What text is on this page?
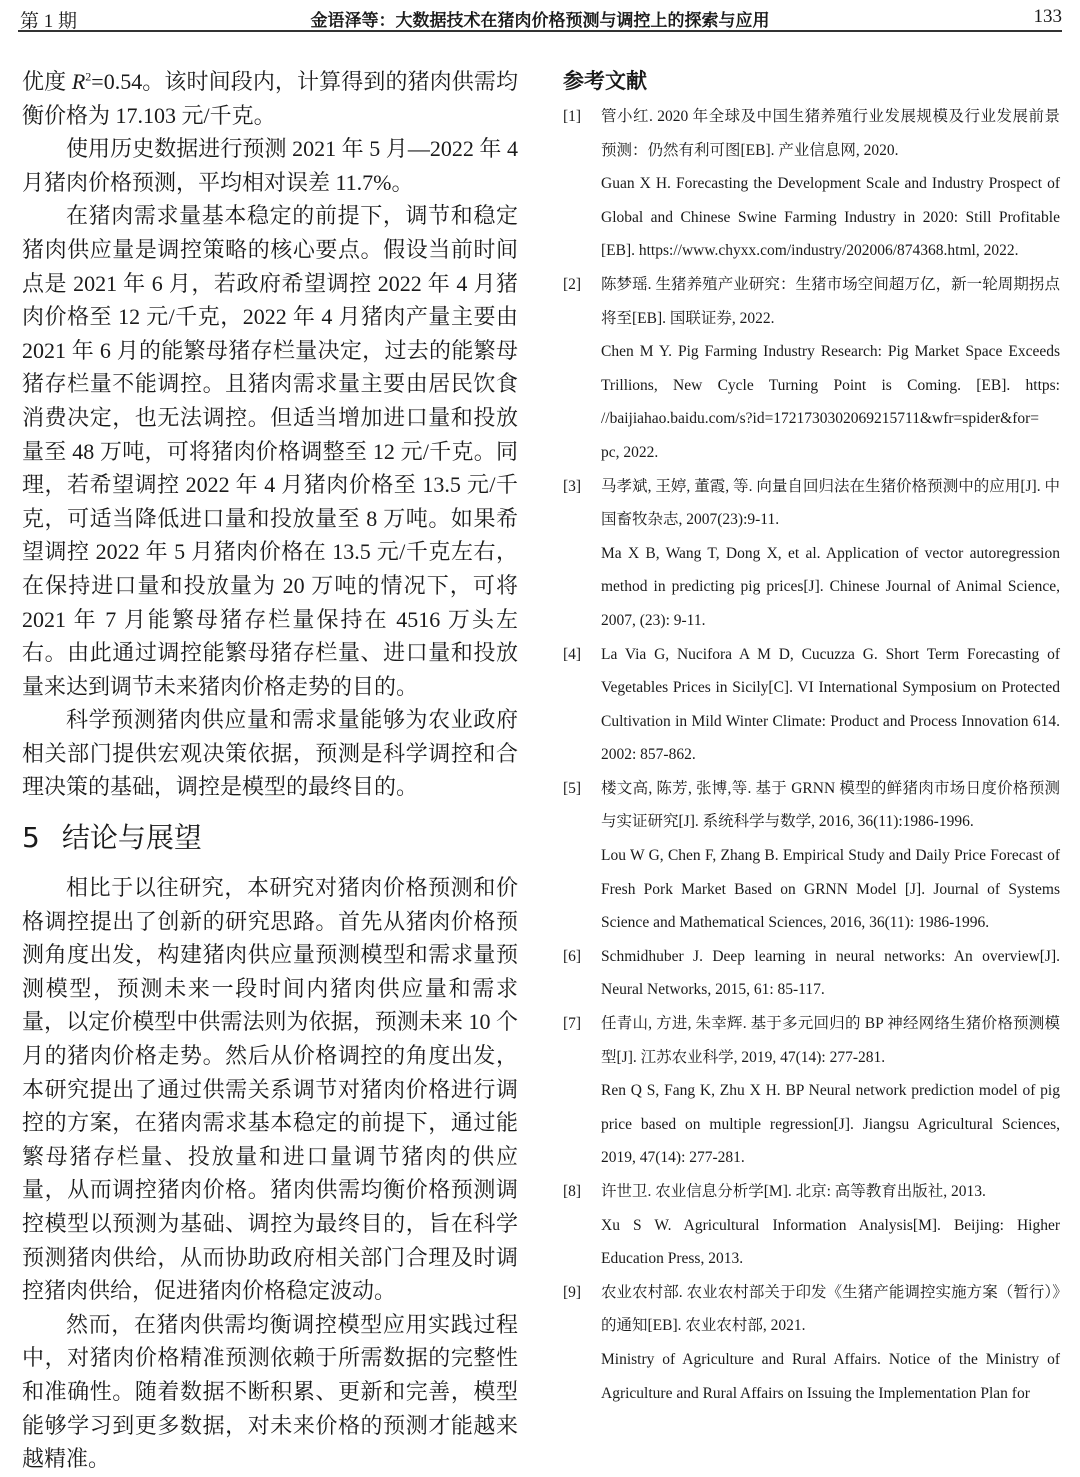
第 1 期	金语泽等：大数据技术在猪肉价格预测与调控上的探索与应用	133

优度 $R^2=0.54$。该时间段内，计算得到的猪肉供需均衡价格为 17.103 元/千克。

使用历史数据进行预测 2021 年 5 月—2022 年 4 月猪肉价格预测，平均相对误差 11.7%。

在猪肉需求量基本稳定的前提下，调节和稳定猪肉供应量是调控策略的核心要点。假设当前时间点是 2021 年 6 月，若政府希望调控 2022 年 4 月猪肉价格至 12 元/千克，2022 年 4 月猪肉产量主要由 2021 年 6 月的能繁母猪存栏量决定，过去的能繁母猪存栏量不能调控。且猪肉需求量主要由居民饮食消费决定，也无法调控。但适当增加进口量和投放量至 48 万吨，可将猪肉价格调整至 12 元/千克。同理，若希望调控 2022 年 4 月猪肉价格至 13.5 元/千克，可适当降低进口量和投放量至 8 万吨。如果希望调控 2022 年 5 月猪肉价格在 13.5 元/千克左右，在保持进口量和投放量为 20 万吨的情况下，可将 2021 年 7 月能繁母猪存栏量保持在 4516 万头左右。由此通过调控能繁母猪存栏量、进口量和投放量来达到调节未来猪肉价格走势的目的。

科学预测猪肉供应量和需求量能够为农业政府相关部门提供宏观决策依据，预测是科学调控和合理决策的基础，调控是模型的最终目的。

5 结论与展望

相比于以往研究，本研究对猪肉价格预测和价格调控提出了创新的研究思路。首先从猪肉价格预测角度出发，构建猪肉供应量预测模型和需求量预测模型，预测未来一段时间内猪肉供应量和需求量，以定价模型中供需法则为依据，预测未来 10 个月的猪肉价格走势。然后从价格调控的角度出发，本研究提出了通过供需关系调节对猪肉价格进行调控的方案，在猪肉需求基本稳定的前提下，通过能繁母猪存栏量、投放量和进口量调节猪肉的供应量，从而调控猪肉价格。猪肉供需均衡价格预测调控模型以预测为基础、调控为最终目的，旨在科学预测猪肉供给，从而协助政府相关部门合理及时调控猪肉供给，促进猪肉价格稳定波动。

然而，在猪肉供需均衡调控模型应用实践过程中，对猪肉价格精准预测依赖于所需数据的完整性和准确性。随着数据不断积累、更新和完善，模型能够学习到更多数据，对未来价格的预测才能越来越精准。

参考文献
[1] 管小红. 2020 年全球及中国生猪养殖行业发展规模及行业发展前景预测：仍然有利可图[EB]. 产业信息网, 2020.
Guan X H. Forecasting the Development Scale and Industry Prospect of Global and Chinese Swine Farming Industry in 2020: Still Profitable [EB]. https://www.chyxx.com/industry/202006/874368.html, 2022.
[2] 陈梦瑶. 生猪养殖产业研究：生猪市场空间超万亿，新一轮周期拐点将至[EB]. 国联证券, 2022.
Chen M Y. Pig Farming Industry Research: Pig Market Space Exceeds Trillions, New Cycle Turning Point is Coming. [EB]. https: //baijiahao.baidu.com/s?id=1721730302069215711&wfr=spider&for= pc, 2022.
[3] 马孝斌, 王婷, 董霞, 等. 向量自回归法在生猪价格预测中的应用[J]. 中国畜牧杂志, 2007(23):9-11.
Ma X B, Wang T, Dong X, et al. Application of vector autoregression method in predicting pig prices[J]. Chinese Journal of Animal Science, 2007, (23): 9-11.
[4] La Via G, Nucifora A M D, Cucuzza G. Short Term Forecasting of Vegetables Prices in Sicily[C]. VI International Symposium on Protected Cultivation in Mild Winter Climate: Product and Process Innovation 614. 2002: 857-862.
[5] 楼文高, 陈芳, 张博,等. 基于 GRNN 模型的鲜猪肉市场日度价格预测与实证研究[J]. 系统科学与数学, 2016, 36(11):1986-1996.
Lou W G, Chen F, Zhang B. Empirical Study and Daily Price Forecast of Fresh Pork Market Based on GRNN Model [J]. Journal of Systems Science and Mathematical Sciences, 2016, 36(11): 1986-1996.
[6] Schmidhuber J. Deep learning in neural networks: An overview[J]. Neural Networks, 2015, 61: 85-117.
[7] 任青山, 方进, 朱幸辉. 基于多元回归的 BP 神经网络生猪价格预测模型[J]. 江苏农业科学, 2019, 47(14): 277-281.
Ren Q S, Fang K, Zhu X H. BP Neural network prediction model of pig price based on multiple regression[J]. Jiangsu Agricultural Sciences, 2019, 47(14): 277-281.
[8] 许世卫. 农业信息分析学[M]. 北京: 高等教育出版社, 2013.
Xu S W. Agricultural Information Analysis[M]. Beijing: Higher Education Press, 2013.
[9] 农业农村部. 农业农村部关于印发《生猪产能调控实施方案（暂行）》的通知[EB]. 农业农村部, 2021.
Ministry of Agriculture and Rural Affairs. Notice of the Ministry of Agriculture and Rural Affairs on Issuing the Implementation Plan for
